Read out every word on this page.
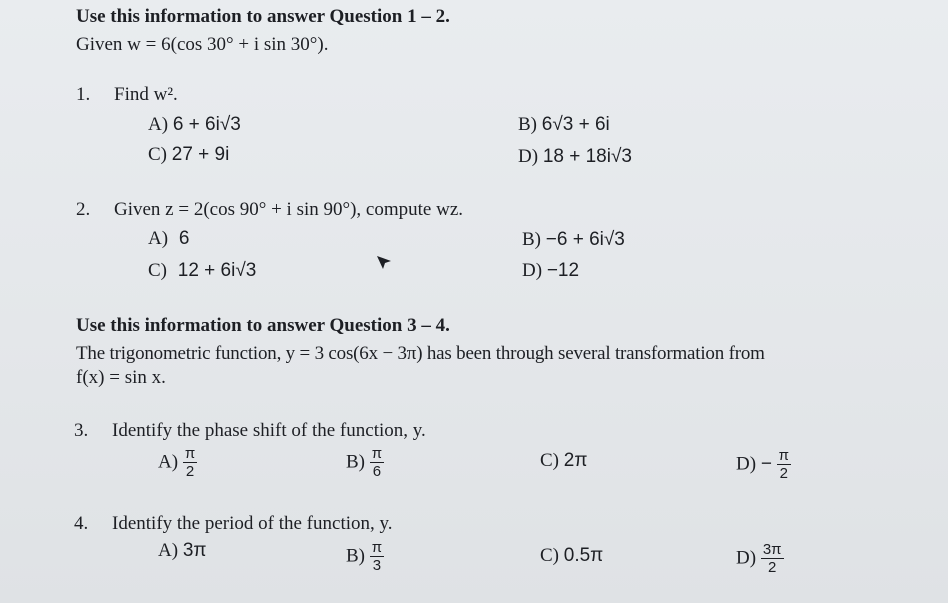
Use this information to answer Question 1 – 2.
Given w = 6(cos 30° + i sin 30°).
1. Find w².
A) 6 + 6i√3	B) 6√3 + 6i
C) 27 + 9i	D) 18 + 18i√3
2. Given z = 2(cos 90° + i sin 90°), compute wz.
A) 6	B) −6 + 6i√3
C) 12 + 6i√3	D) −12
Use this information to answer Question 3 – 4.
The trigonometric function, y = 3 cos(6x − 3π) has been through several transformation from
f(x) = sin x.
3. Identify the phase shift of the function, y.
$A) \frac{\pi}{2}$	$B) \frac{\pi}{6}$	C) 2π	$D) - \frac{\pi}{2}$
4. Identify the period of the function, y.
A) 3π	$B) \frac{\pi}{3}$	C) 0.5π	$D) \frac{3\pi}{2}$
